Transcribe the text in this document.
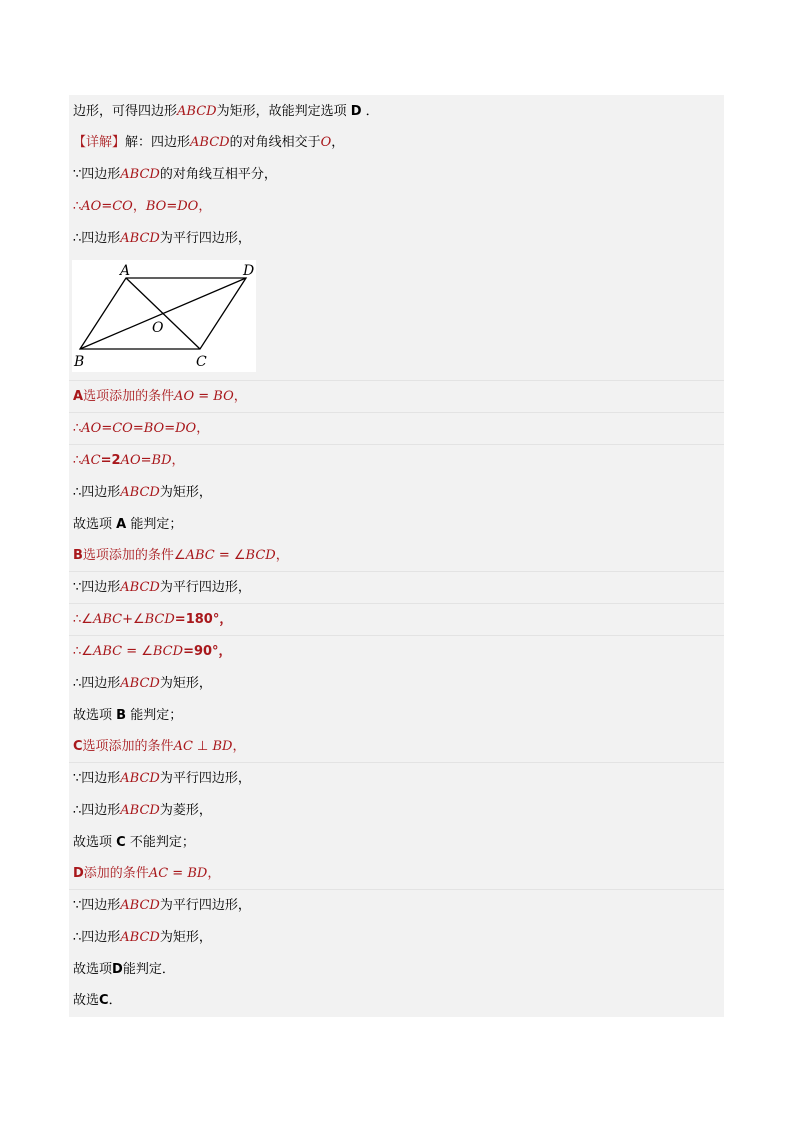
边形，可得四边形ABCD为矩形，故能判定选项 D ．
【详解】解：四边形ABCD的对角线相交于O，
∵四边形ABCD的对角线互相平分，
∴AO=CO，BO=DO，
∴四边形ABCD为平行四边形，
A	D
B	C
O
A选项添加的条件AO = BO，
∴AO=CO=BO=DO，
∴AC=2AO=BD，
∴四边形ABCD为矩形，
故选项 A 能判定；
B选项添加的条件∠ABC = ∠BCD，
∵四边形ABCD为平行四边形，
∴∠ABC+∠BCD=180°，
∴∠ABC = ∠BCD=90°，
∴四边形ABCD为矩形，
故选项 B 能判定；
C选项添加的条件AC ⊥ BD，
∵四边形ABCD为平行四边形，
∴四边形ABCD为菱形，
故选项 C 不能判定；
D添加的条件AC = BD，
∵四边形ABCD为平行四边形，
∴四边形ABCD为矩形，
故选项D能判定．
故选C．
